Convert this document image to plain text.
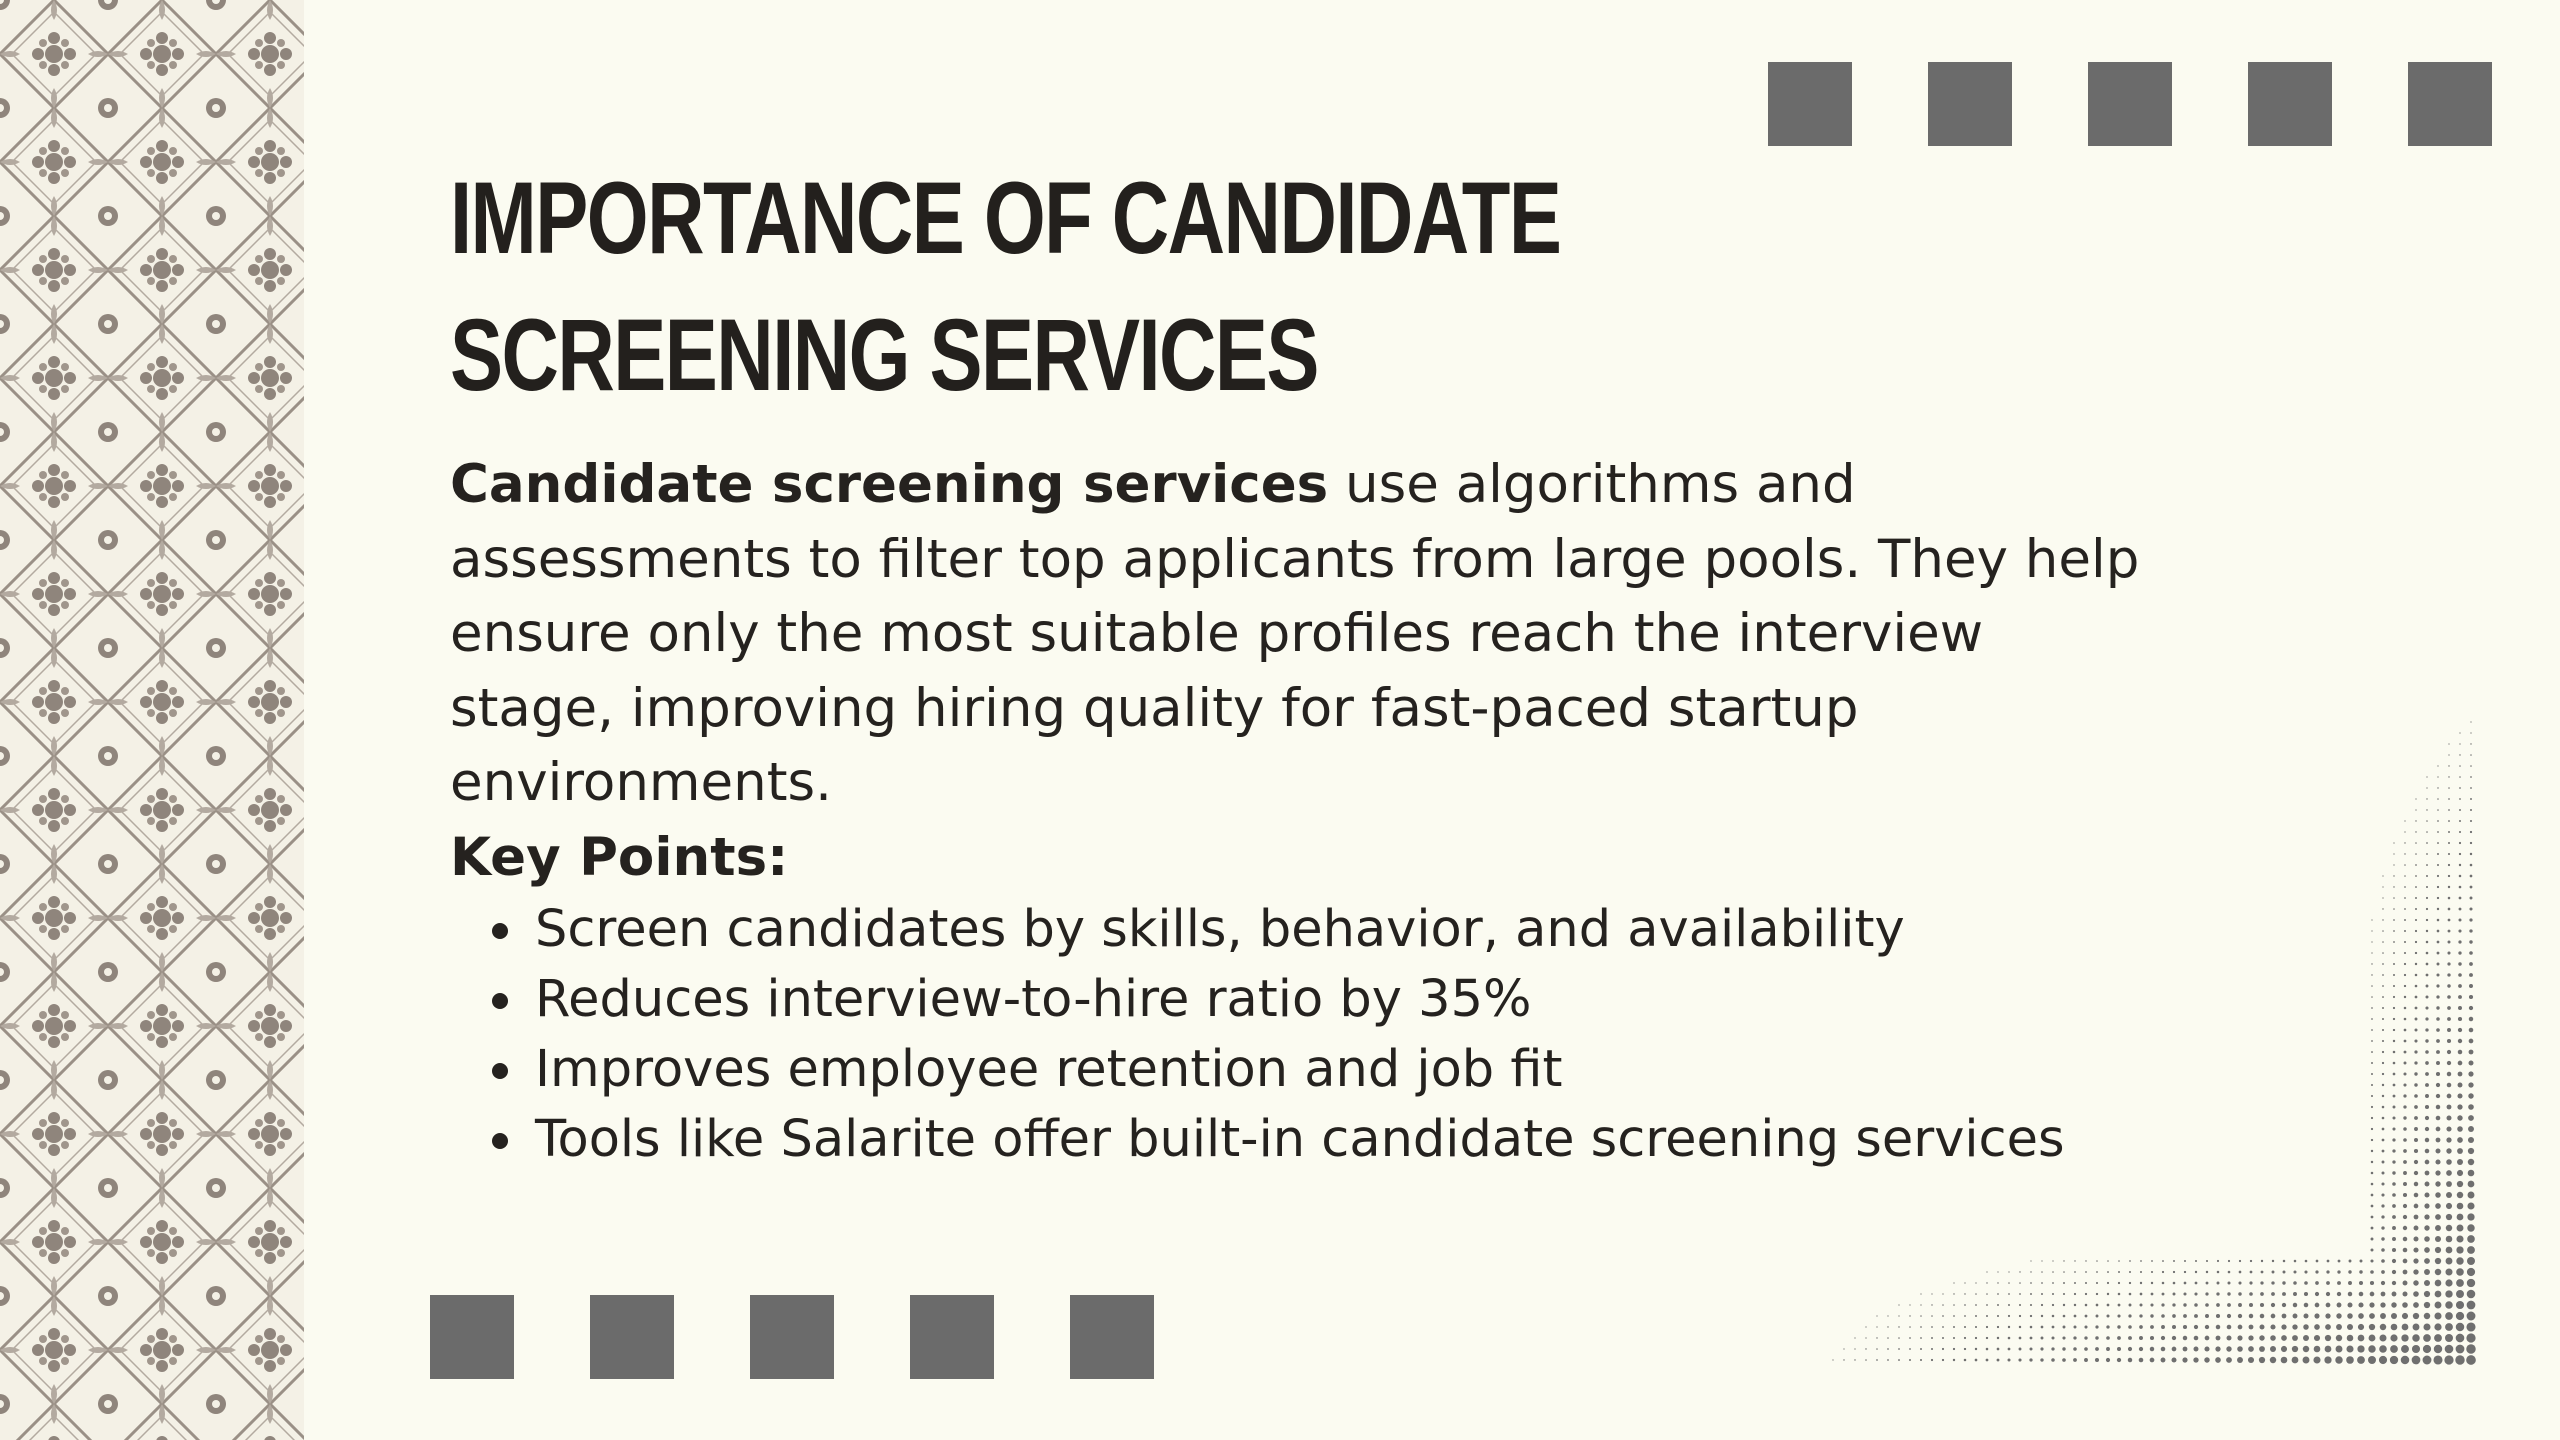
IMPORTANCE OF CANDIDATE SCREENING SERVICES

Candidate screening services use algorithms and assessments to filter top applicants from large pools. They help ensure only the most suitable profiles reach the interview stage, improving hiring quality for fast-paced startup environments.

Key Points:

Screen candidates by skills, behavior, and availability
Reduces interview-to-hire ratio by 35%
Improves employee retention and job fit
Tools like Salarite offer built-in candidate screening services
